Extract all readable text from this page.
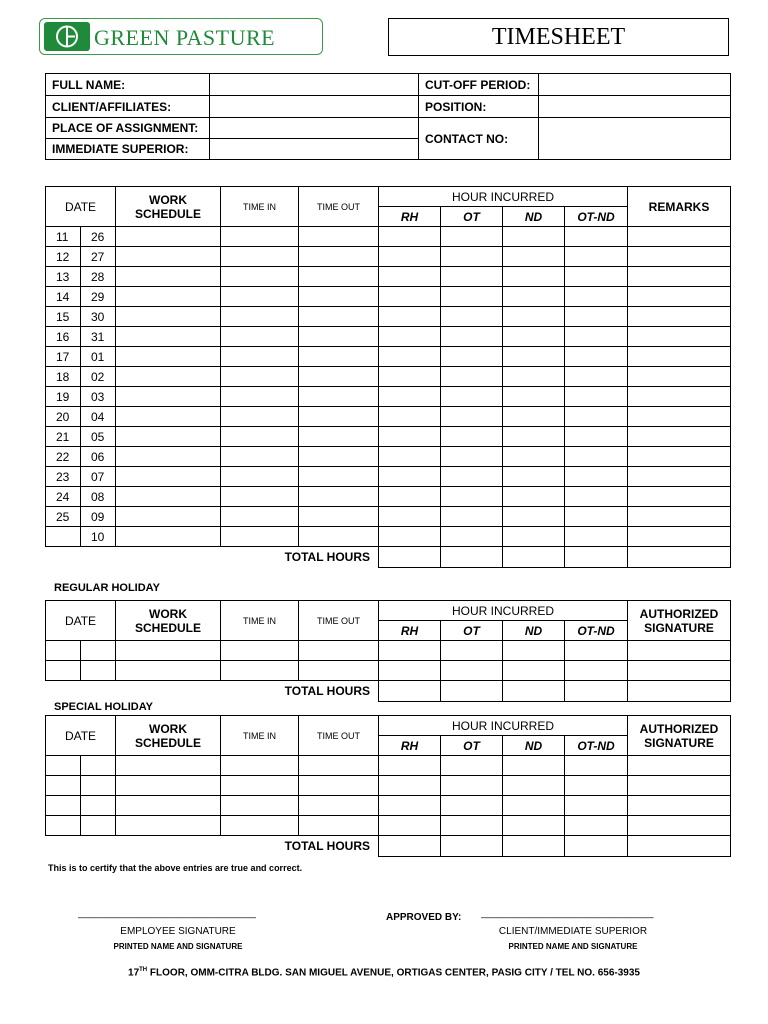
GREEN PASTURE	TIMESHEET
FULL NAME:		CUT-OFF PERIOD:	
CLIENT/AFFILIATES:		POSITION:	
PLACE OF ASSIGNMENT:		CONTACT NO:	
IMMEDIATE SUPERIOR:			
DATE		WORK SCHEDULE	TIME IN	TIME OUT	HOUR INCURRED				REMARKS
					RH	OT	ND	OT-ND	
11	26								
12	27								
13	28								
14	29								
15	30								
16	31								
17	01								
18	02								
19	03								
20	04								
21	05								
22	06								
23	07								
24	08								
25	09								
	10								
TOTAL HOURS									
REGULAR HOLIDAY
DATE		WORK SCHEDULE	TIME IN	TIME OUT	HOUR INCURRED				AUTHORIZED
SIGNATURE
					RH	OT	ND	OT-ND	

TOTAL HOURS									
SPECIAL HOLIDAY
DATE		WORK SCHEDULE	TIME IN	TIME OUT	HOUR INCURRED				AUTHORIZED
SIGNATURE
					RH	OT	ND	OT-ND	

TOTAL HOURS									
This is to certify that the above entries are true and correct.
________________________________
EMPLOYEE SIGNATURE
PRINTED NAME AND SIGNATURE
APPROVED BY: _______________________________
CLIENT/IMMEDIATE SUPERIOR
PRINTED NAME AND SIGNATURE
17TH FLOOR, OMM-CITRA BLDG. SAN MIGUEL AVENUE, ORTIGAS CENTER, PASIG CITY / TEL NO. 656-3935
